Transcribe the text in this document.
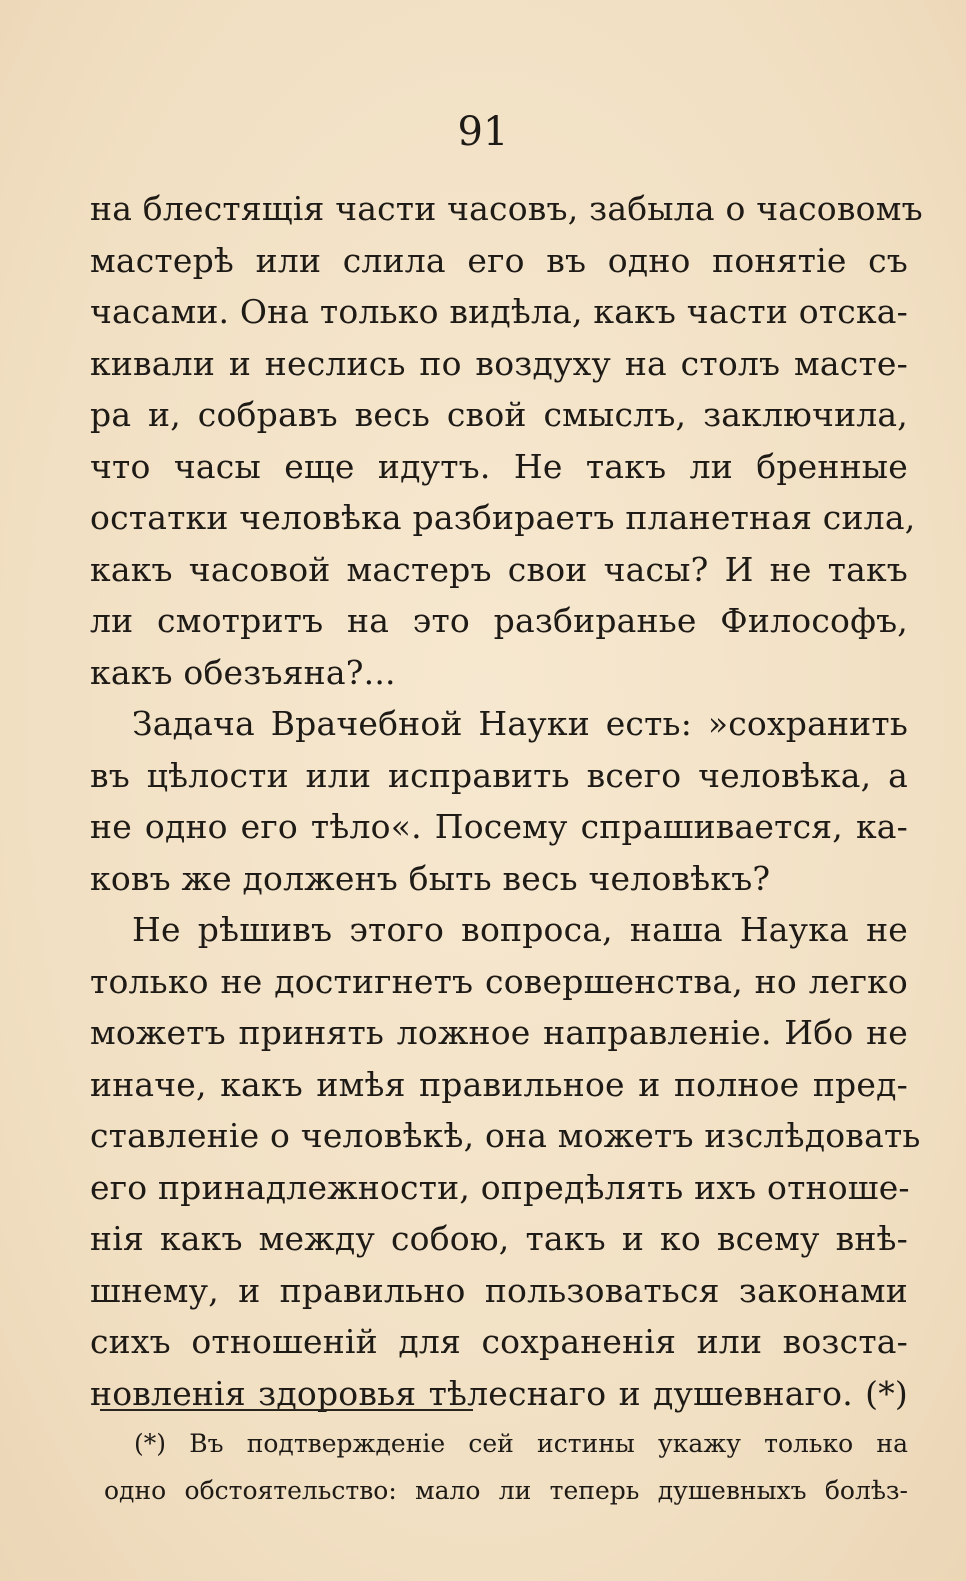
91
на блестящія части часовъ, забыла о часовомъ
мастерѣ или слила его въ одно понятіе съ
часами. Она только видѣла, какъ части отска-
кивали и неслись по воздуху на столъ масте-
ра и, собравъ весь свой смыслъ, заключила,
что часы еще идутъ. Не такъ ли бренные
остатки человѣка разбираетъ планетная сила,
какъ часовой мастеръ свои часы? И не такъ
ли смотритъ на это разбиранье Философъ,
какъ обезъяна?...
Задача Врачебной Науки есть: »сохранить
въ цѣлости или исправить всего человѣка, а
не одно его тѣло«. Посему спрашивается, ка-
ковъ же долженъ быть весь человѣкъ?
Не рѣшивъ этого вопроса, наша Наука не
только не достигнетъ совершенства, но легко
можетъ принять ложное направленіе. Ибо не
иначе, какъ имѣя правильное и полное пред-
ставленіе о человѣкѣ, она можетъ изслѣдовать
его принадлежности, опредѣлять ихъ отноше-
нія какъ между собою, такъ и ко всему внѣ-
шнему, и правильно пользоваться законами
сихъ отношеній для сохраненія или возста-
новленія здоровья тѣлеснаго и душевнаго. (*)
(*) Въ подтвержденіе сей истины укажу только на
одно обстоятельство: мало ли теперь душевныхъ болѣз-
